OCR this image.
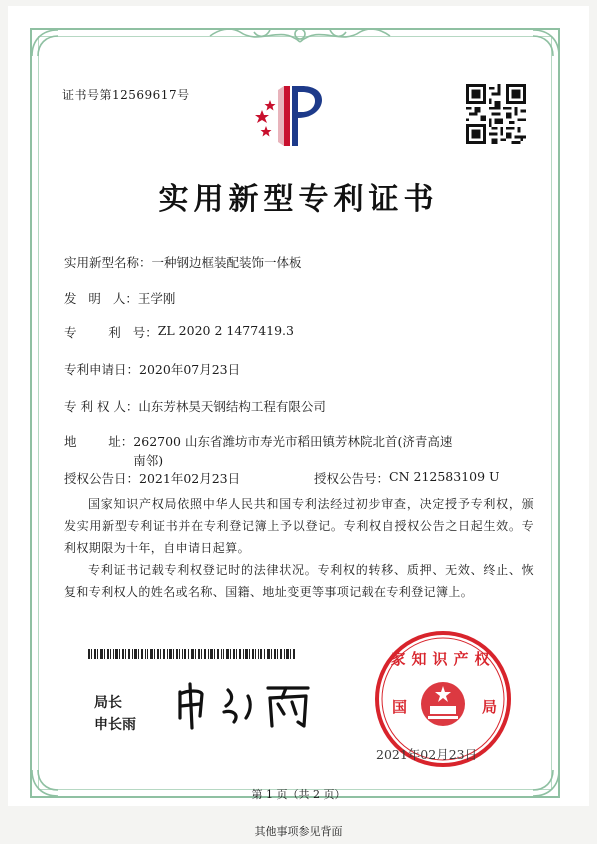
证书号第12569617号
实用新型专利证书
实用新型名称： 一种钢边框装配装饰一体板
发   明   人： 王学刚
专        利   号： ZL 2020 2 1477419.3
专利申请日： 2020年07月23日
专 利 权 人： 山东芳林昊天钢结构工程有限公司
地        址： 262700 山东省潍坊市寿光市稻田镇芳林院北首(济青高速南邻)
授权公告日： 2021年02月23日	授权公告号： CN 212583109 U
国家知识产权局依照中华人民共和国专利法经过初步审查，决定授予专利权，颁发实用新型专利证书并在专利登记簿上予以登记。专利权自授权公告之日起生效。专利权期限为十年，自申请日起算。
专利证书记载专利权登记时的法律状况。专利权的转移、质押、无效、终止、恢复和专利权人的姓名或名称、国籍、地址变更等事项记载在专利登记簿上。
局长
申长雨
家知识产权
国	局
2021年02月23日
第 1 页（共 2 页）
其他事项参见背面
